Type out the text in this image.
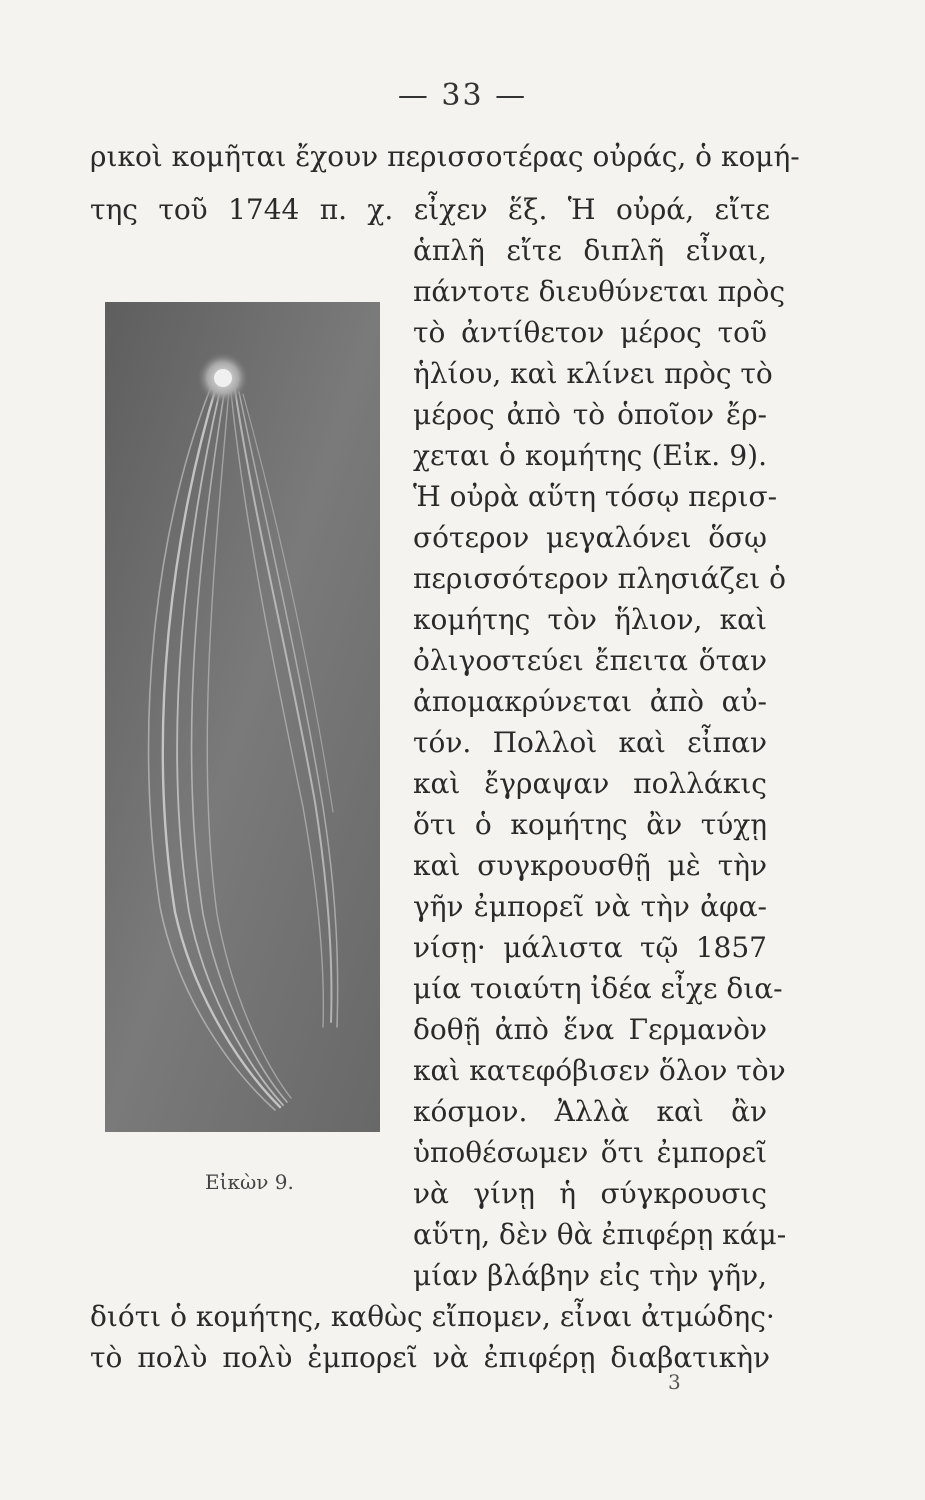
— 33 —
ρικοὶ κομῆται ἔχουν περισσοτέρας οὐράς, ὁ κομή-
της τοῦ 1744 π. χ. εἶχεν ἕξ. Ἡ οὐρά, εἴτε
ἁπλῆ εἴτε διπλῆ εἶναι,
πάντοτε διευθύνεται πρὸς
τὸ ἀντίθετον μέρος τοῦ
ἡλίου, καὶ κλίνει πρὸς τὸ
μέρος ἀπὸ τὸ ὁποῖον ἔρ-
χεται ὁ κομήτης (Εἰκ. 9).
Ἡ οὐρὰ αὕτη τόσῳ περισ-
σότερον μεγαλόνει ὅσῳ
περισσότερον πλησιάζει ὁ
κομήτης τὸν ἥλιον, καὶ
ὀλιγοστεύει ἔπειτα ὅταν
ἀπομακρύνεται ἀπὸ αὐ-
τόν. Πολλοὶ καὶ εἶπαν
καὶ ἔγραψαν πολλάκις
ὅτι ὁ κομήτης ἂν τύχῃ
καὶ συγκρουσθῇ μὲ τὴν
γῆν ἐμπορεῖ νὰ τὴν ἀφα-
νίσῃ· μάλιστα τῷ 1857
μία τοιαύτη ἰδέα εἶχε δια-
δοθῇ ἀπὸ ἕνα Γερμανὸν
καὶ κατεφόβισεν ὅλον τὸν
κόσμον. Ἀλλὰ καὶ ἂν
ὑποθέσωμεν ὅτι ἐμπορεῖ
νὰ γίνῃ ἡ σύγκρουσις
αὕτη, δὲν θὰ ἐπιφέρῃ κάμ-
μίαν βλάβην εἰς τὴν γῆν,
διότι ὁ κομήτης, καθὼς εἴπομεν, εἶναι ἀτμώδης·
τὸ πολὺ πολὺ ἐμπορεῖ νὰ ἐπιφέρῃ διαβατικὴν
Εἰκὼν 9.
3
